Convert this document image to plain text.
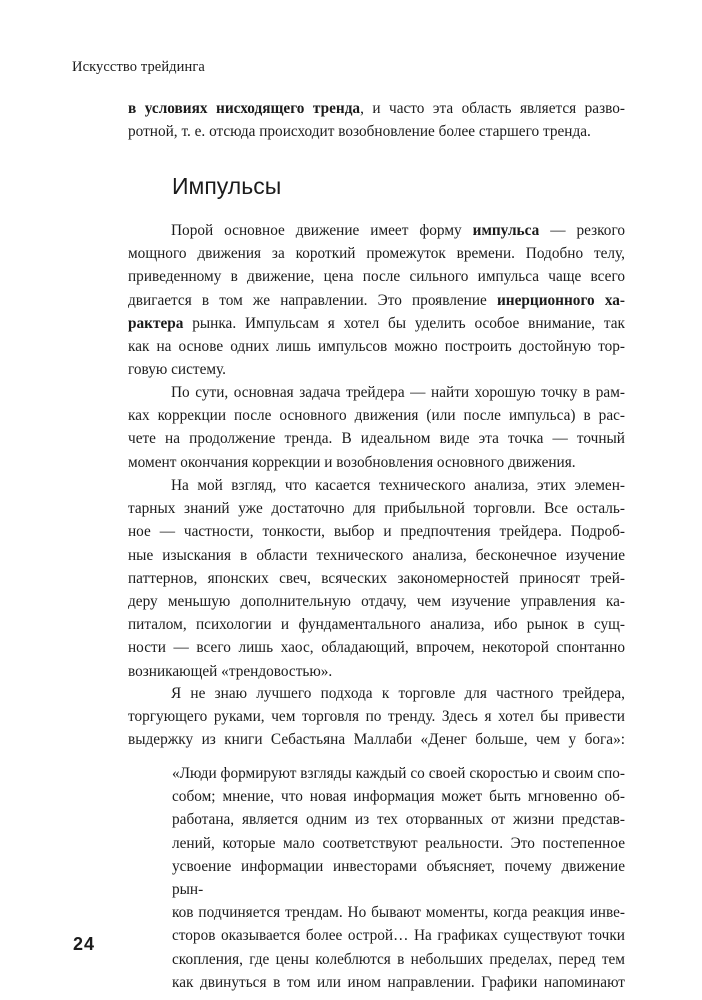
Искусство трейдинга
в условиях нисходящего тренда, и часто эта область является разво-
ротной, т. е. отсюда происходит возобновление более старшего тренда.
Импульсы
Порой основное движение имеет форму импульса — резкого
мощного движения за короткий промежуток времени. Подобно телу,
приведенному в движение, цена после сильного импульса чаще всего
двигается в том же направлении. Это проявление инерционного ха-
рактера рынка. Импульсам я хотел бы уделить особое внимание, так
как на основе одних лишь импульсов можно построить достойную тор-
говую систему.
По сути, основная задача трейдера — найти хорошую точку в рам-
ках коррекции после основного движения (или после импульса) в рас-
чете на продолжение тренда. В идеальном виде эта точка — точный
момент окончания коррекции и возобновления основного движения.
На мой взгляд, что касается технического анализа, этих элемен-
тарных знаний уже достаточно для прибыльной торговли. Все осталь-
ное — частности, тонкости, выбор и предпочтения трейдера. Подроб-
ные изыскания в области технического анализа, бесконечное изучение
паттернов, японских свеч, всяческих закономерностей приносят трей-
деру меньшую дополнительную отдачу, чем изучение управления ка-
питалом, психологии и фундаментального анализа, ибо рынок в сущ-
ности — всего лишь хаос, обладающий, впрочем, некоторой спонтанно
возникающей «трендовостью».
Я не знаю лучшего подхода к торговле для частного трейдера,
торгующего руками, чем торговля по тренду. Здесь я хотел бы привести
выдержку из книги Себастьяна Маллаби «Денег больше, чем у бога»:
«Люди формируют взгляды каждый со своей скоростью и своим спо-
собом; мнение, что новая информация может быть мгновенно об-
работана, является одним из тех оторванных от жизни представ-
лений, которые мало соответствуют реальности. Это постепенное
усвоение информации инвесторами объясняет, почему движение рын-
ков подчиняется трендам. Но бывают моменты, когда реакция инве-
сторов оказывается более острой… На графиках существуют точки
скопления, где цены колеблются в небольших пределах, перед тем
как двинуться в том или ином направлении. Графики напоминают
24
